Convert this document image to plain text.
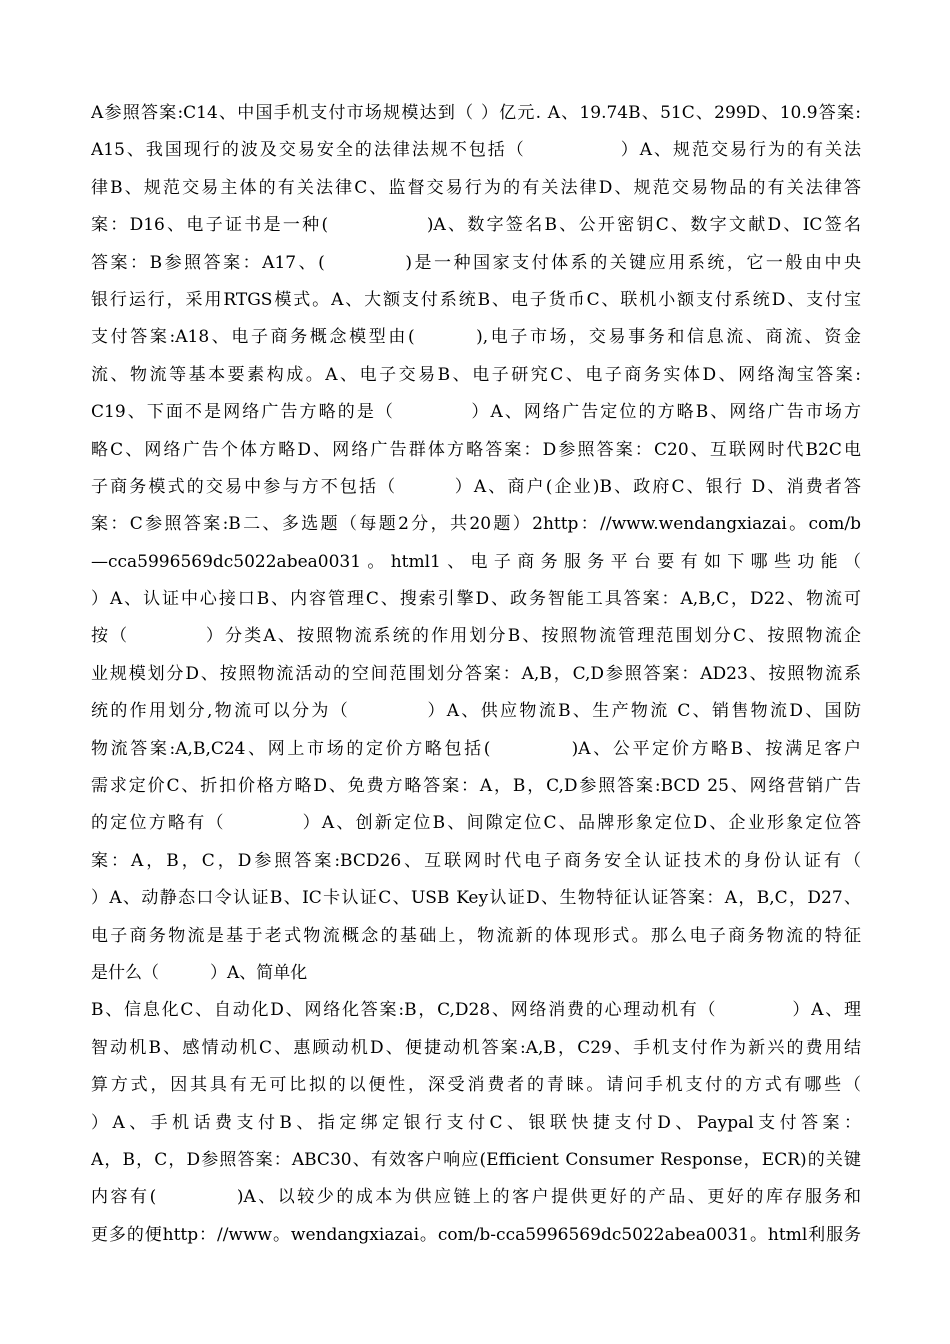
A参照答案:C14、中国手机支付市场规模达到（ ）亿元. A、19.74B、51C、299D、10.9答案:
A15、我国现行的波及交易安全的法律法规不包括（　　　　　）A、规范交易行为的有关法
律B、规范交易主体的有关法律C、监督交易行为的有关法律D、规范交易物品的有关法律答
案：D16、电子证书是一种(　　　　　)A、数字签名B、公开密钥C、数字文献D、IC签名
答案：B参照答案：A17、(　　　　)是一种国家支付体系的关键应用系统，它一般由中央
银行运行，采用RTGS模式。A、大额支付系统B、电子货币C、联机小额支付系统D、支付宝
支付答案:A18、电子商务概念模型由(　　　),电子市场，交易事务和信息流、商流、资金
流、物流等基本要素构成。A、电子交易B、电子研究C、电子商务实体D、网络淘宝答案:
C19、下面不是网络广告方略的是（　　　　）A、网络广告定位的方略B、网络广告市场方
略C、网络广告个体方略D、网络广告群体方略答案：D参照答案：C20、互联网时代B2C电
子商务模式的交易中参与方不包括（　　　）A、商户(企业)B、政府C、银行 D、消费者答
案：C参照答案:B二、多选题（每题2分，共20题）2http：//www.wendangxiazai。com/b
—cca5996569dc5022abea0031。html1、电子商务服务平台要有如下哪些功能（
）A、认证中心接口B、内容管理C、搜索引擎D、政务智能工具答案：A,B,C，D22、物流可
按（　　　　）分类A、按照物流系统的作用划分B、按照物流管理范围划分C、按照物流企
业规模划分D、按照物流活动的空间范围划分答案：A,B，C,D参照答案：AD23、按照物流系
统的作用划分,物流可以分为（　　　　）A、供应物流B、生产物流 C、销售物流D、国防
物流答案:A,B,C24、网上市场的定价方略包括(　　　　)A、公平定价方略B、按满足客户
需求定价C、折扣价格方略D、免费方略答案：A，B，C,D参照答案:BCD 25、网络营销广告
的定位方略有（　　　　）A、创新定位B、间隙定位C、品牌形象定位D、企业形象定位答
案：A，B，C，D参照答案:BCD26、互联网时代电子商务安全认证技术的身份认证有（
）A、动静态口令认证B、IC卡认证C、USB Key认证D、生物特征认证答案：A，B,C，D27、
电子商务物流是基于老式物流概念的基础上，物流新的体现形式。那么电子商务物流的特征
是什么（　　　）A、简单化
B、信息化C、自动化D、网络化答案:B，C,D28、网络消费的心理动机有（　　　　）A、理
智动机B、感情动机C、惠顾动机D、便捷动机答案:A,B，C29、手机支付作为新兴的费用结
算方式，因其具有无可比拟的以便性，深受消费者的青睐。请问手机支付的方式有哪些（
）A、手机话费支付B、指定绑定银行支付C、银联快捷支付D、Paypal支付答案：
A，B，C，D参照答案：ABC30、有效客户响应(Efficient Consumer Response，ECR)的关键
内容有(　　　　)A、以较少的成本为供应链上的客户提供更好的产品、更好的库存服务和
更多的便http：//www。wendangxiazai。com/b-cca5996569dc5022abea0031。html利服务
